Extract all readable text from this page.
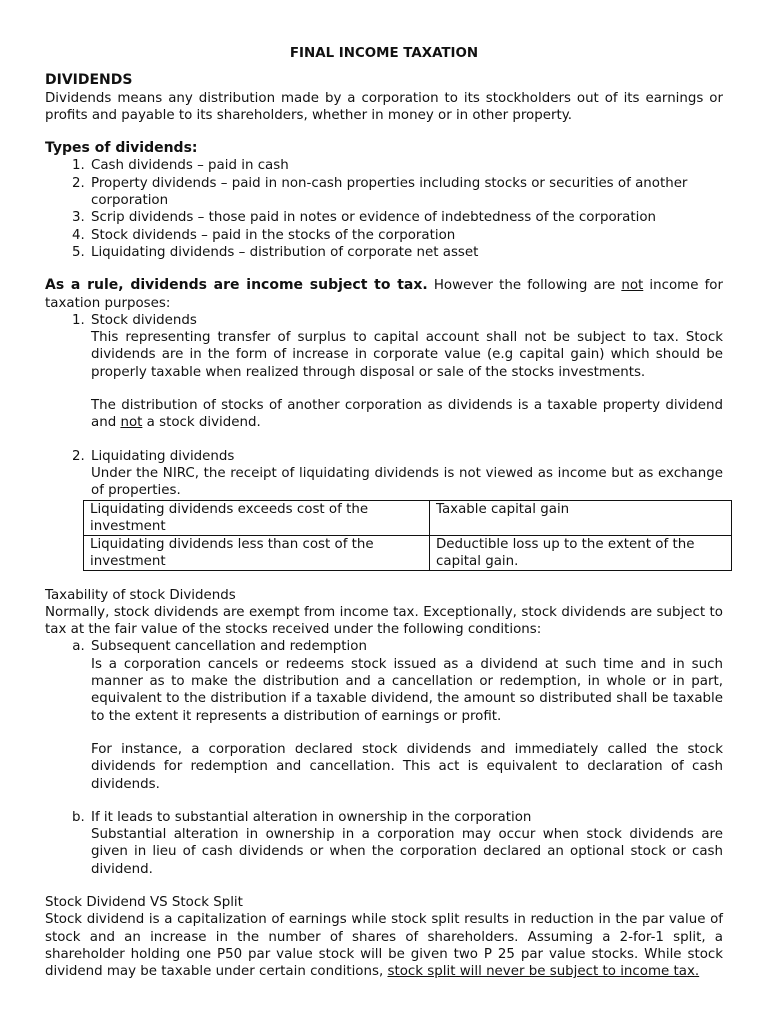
FINAL INCOME TAXATION
DIVIDENDS

Dividends means any distribution made by a corporation to its stockholders out of its earnings or profits and payable to its shareholders, whether in money or in other property.

Types of dividends:
1. Cash dividends – paid in cash
2. Property dividends – paid in non-cash properties including stocks or securities of another corporation
3. Scrip dividends – those paid in notes or evidence of indebtedness of the corporation
4. Stock dividends – paid in the stocks of the corporation
5. Liquidating dividends – distribution of corporate net asset

As a rule, dividends are income subject to tax. However the following are not income for taxation purposes:

1. Stock dividends

This representing transfer of surplus to capital account shall not be subject to tax. Stock dividends are in the form of increase in corporate value (e.g capital gain) which should be properly taxable when realized through disposal or sale of the stocks investments.

The distribution of stocks of another corporation as dividends is a taxable property dividend and not a stock dividend.

2. Liquidating dividends

Under the NIRC, the receipt of liquidating dividends is not viewed as income but as exchange of properties.

Liquidating dividends exceeds cost of the investment	Taxable capital gain
Liquidating dividends less than cost of the investment	Deductible loss up to the extent of the capital gain.
Taxability of stock Dividends

Normally, stock dividends are exempt from income tax. Exceptionally, stock dividends are subject to tax at the fair value of the stocks received under the following conditions:

a. Subsequent cancellation and redemption

Is a corporation cancels or redeems stock issued as a dividend at such time and in such manner as to make the distribution and a cancellation or redemption, in whole or in part, equivalent to the distribution if a taxable dividend, the amount so distributed shall be taxable to the extent it represents a distribution of earnings or profit.

For instance, a corporation declared stock dividends and immediately called the stock dividends for redemption and cancellation. This act is equivalent to declaration of cash dividends.

b. If it leads to substantial alteration in ownership in the corporation

Substantial alteration in ownership in a corporation may occur when stock dividends are given in lieu of cash dividends or when the corporation declared an optional stock or cash dividend.

Stock Dividend VS Stock Split

Stock dividend is a capitalization of earnings while stock split results in reduction in the par value of stock and an increase in the number of shares of shareholders. Assuming a 2-for-1 split, a shareholder holding one P50 par value stock will be given two P 25 par value stocks. While stock dividend may be taxable under certain conditions, stock split will never be subject to income tax.
